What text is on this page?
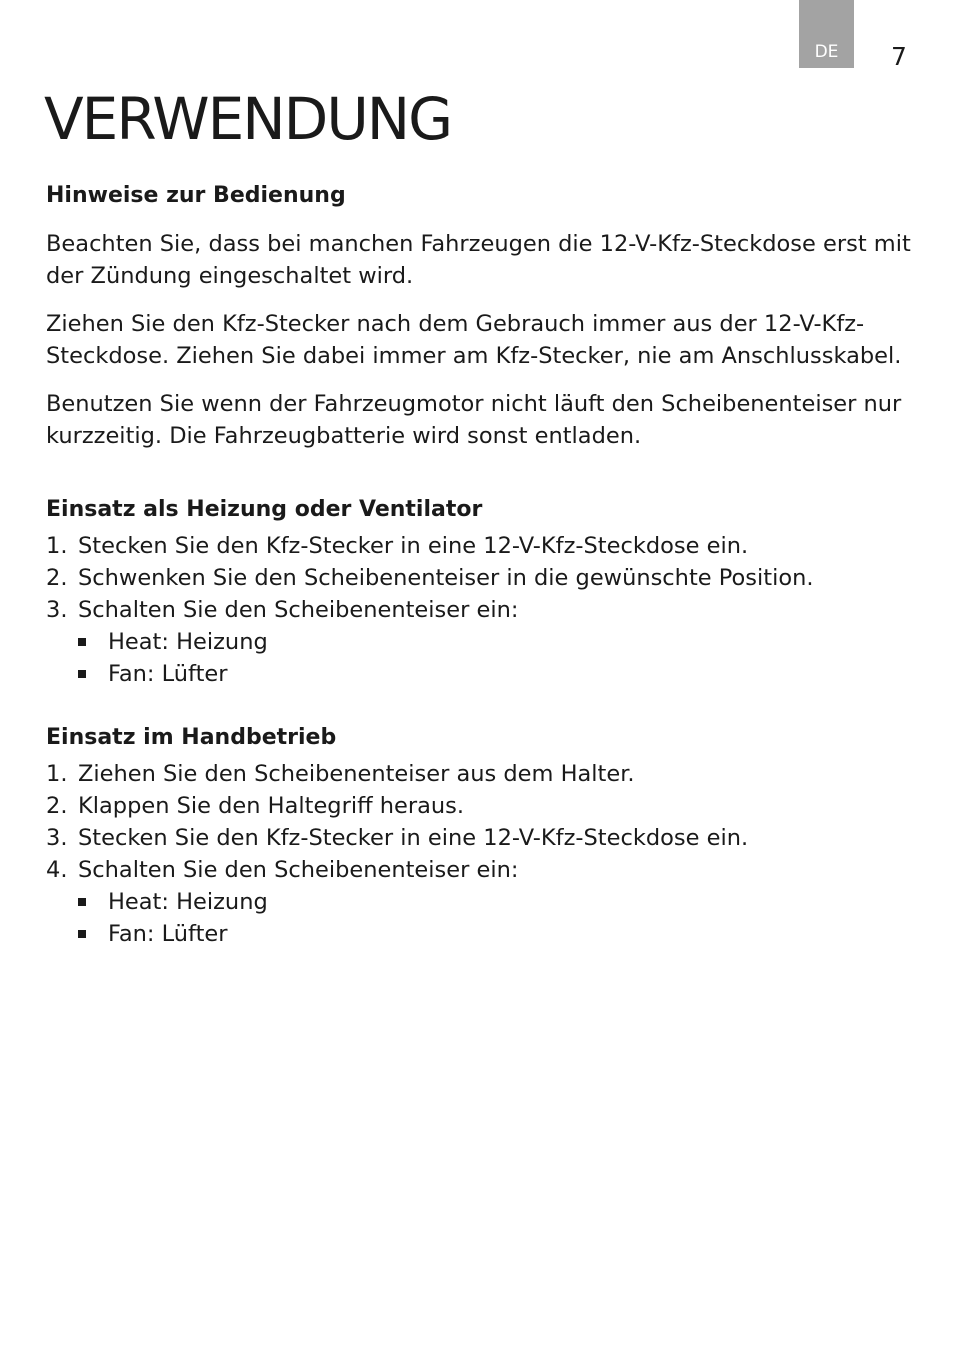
DE	7
VERWENDUNG
Hinweise zur Bedienung

Beachten Sie, dass bei manchen Fahrzeugen die 12-V-Kfz-Steckdose erst mit der Zündung eingeschaltet wird.

Ziehen Sie den Kfz-Stecker nach dem Gebrauch immer aus der 12-V-Kfz-Steckdose. Ziehen Sie dabei immer am Kfz-Stecker, nie am Anschlusskabel.

Benutzen Sie wenn der Fahrzeugmotor nicht läuft den Scheibenenteiser nur kurzzeitig. Die Fahrzeugbatterie wird sonst entladen.

Einsatz als Heizung oder Ventilator
1. Stecken Sie den Kfz-Stecker in eine 12-V-Kfz-Steckdose ein.
2. Schwenken Sie den Scheibenenteiser in die gewünschte Position.
3. Schalten Sie den Scheibenenteiser ein:
Heat: Heizung
Fan: Lüfter
Einsatz im Handbetrieb
1. Ziehen Sie den Scheibenenteiser aus dem Halter.
2. Klappen Sie den Haltegriff heraus.
3. Stecken Sie den Kfz-Stecker in eine 12-V-Kfz-Steckdose ein.
4. Schalten Sie den Scheibenenteiser ein:
Heat: Heizung
Fan: Lüfter
